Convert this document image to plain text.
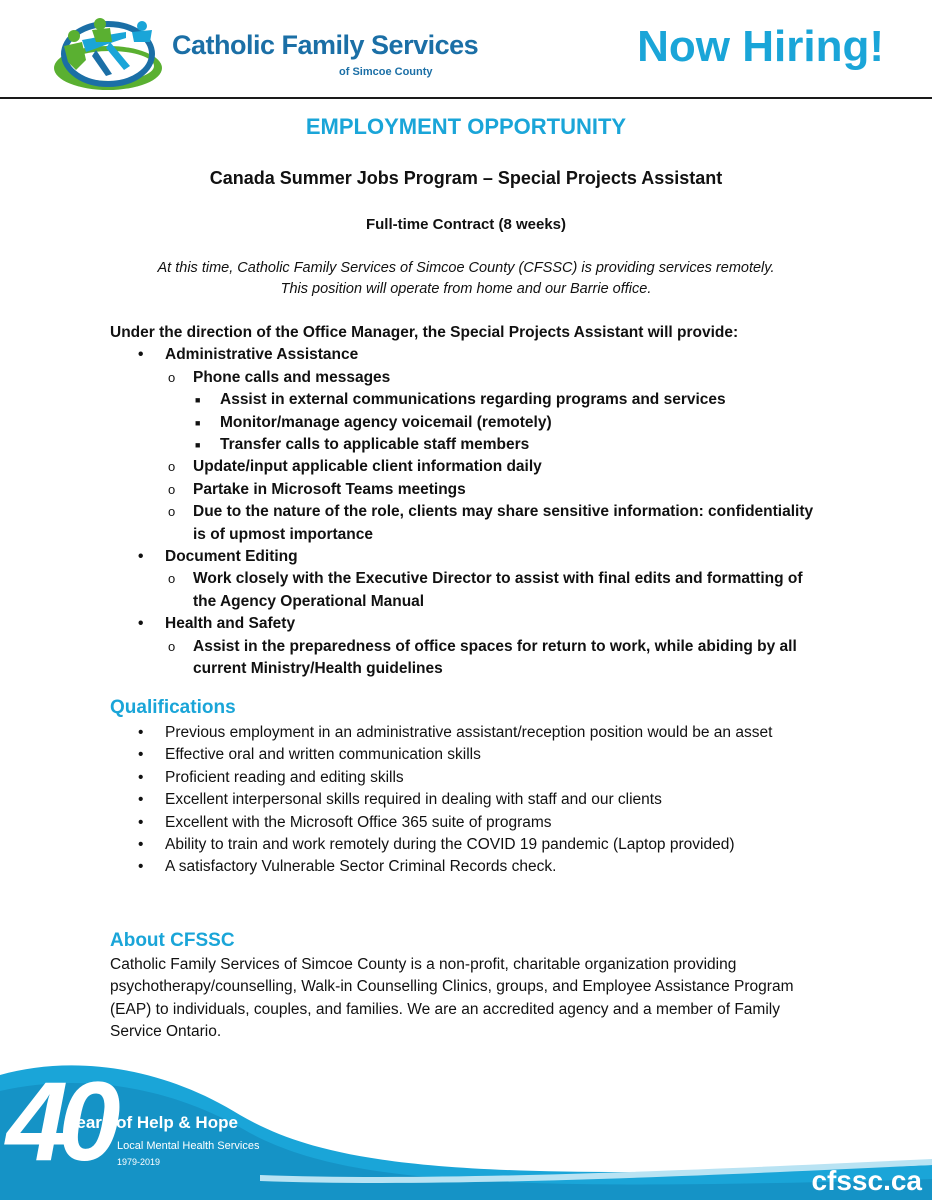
Catholic Family Services
of Simcoe County
Now Hiring!
EMPLOYMENT OPPORTUNITY
Canada Summer Jobs Program – Special Projects Assistant
Full-time Contract (8 weeks)
At this time, Catholic Family Services of Simcoe County (CFSSC) is providing services remotely.
This position will operate from home and our Barrie office.

Under the direction of the Office Manager, the Special Projects Assistant will provide:

• Administrative Assistance
o Phone calls and messages
■ Assist in external communications regarding programs and services
■ Monitor/manage agency voicemail (remotely)
■ Transfer calls to applicable staff members
o Update/input applicable client information daily
o Partake in Microsoft Teams meetings
o Due to the nature of the role, clients may share sensitive information: confidentiality is of upmost importance
• Document Editing
o Work closely with the Executive Director to assist with final edits and formatting of the Agency Operational Manual
• Health and Safety
o Assist in the preparedness of office spaces for return to work, while abiding by all current Ministry/Health guidelines
Qualifications
• Previous employment in an administrative assistant/reception position would be an asset
• Effective oral and written communication skills
• Proficient reading and editing skills
• Excellent interpersonal skills required in dealing with staff and our clients
• Excellent with the Microsoft Office 365 suite of programs
• Ability to train and work remotely during the COVID 19 pandemic (Laptop provided)
• A satisfactory Vulnerable Sector Criminal Records check.
About CFSSC

Catholic Family Services of Simcoe County is a non-profit, charitable organization providing psychotherapy/counselling, Walk-in Counselling Clinics, groups, and Employee Assistance Program (EAP) to individuals, couples, and families. We are an accredited agency and a member of Family Service Ontario.

40
Years of Help & Hope
Local Mental Health Services
1979-2019
cfssc.ca
